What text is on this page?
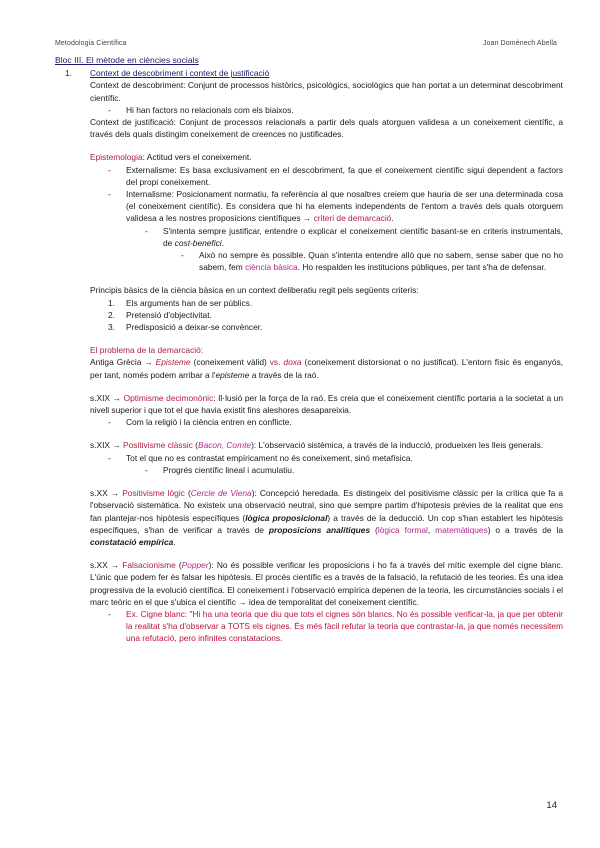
Metodologia Científica	Joan Domènech Abella

Bloc III. El mètode en ciències socials

1.	Context de descobriment i context de justificació

Context de descobriment: Conjunt de processos històrics, psicològics, sociològics que han portat a un determinat descobriment científic.

-	Hi han factors no relacionals com els biaixos.

Context de justificació: Conjunt de processos relacionals a partir dels quals atorguen validesa a un coneixement científic, a través dels quals distingim coneixement de creences no justificades.

Epistemologia: Actitud vers el coneixement.

-	Externalisme: Es basa exclusivament en el descobriment, fa que el coneixement científic sigui dependent a factors del propi coneixement.
-	Internalisme: Posicionament normatiu, fa referència al que nosaltres creiem que hauria de ser una determinada cosa (el coneixement científic). Es considera que hi ha elements independents de l'entorn a través dels quals otorguem validesa a les nostres proposicions científiques → criteri de demarcació.
-	S'intenta sempre justificar, entendre o explicar el coneixement científic basant-se en criteris instrumentals, de cost-benefici.
-	Això no sempre és possible. Quan s'intenta entendre allò que no sabem, sense saber que no ho sabem, fem ciència bàsica. Ho respalden les institucions públiques, per tant s'ha de defensar.

Principis bàsics de la ciència bàsica en un context deliberatiu regit pels següents criteris:

1.	Els arguments han de ser públics.
2.	Pretensió d'objectivitat.
3.	Predisposició a deixar-se convèncer.

El problema de la demarcació:

Antiga Grècia → Episteme (coneixement vàlid) vs. doxa (coneixement distorsionat o no justificat). L'entorn físic és enganyós, per tant, només podem arribar a l'episteme a través de la raó.

s.XIX → Optimisme decimonònic: Il·lusió per la força de la raó. Es creia que el coneixement científic portaria a la societat a un nivell superior i que tot el que havia existit fins aleshores desapareixia.

-	Com la religió i la ciència entren en conflicte.

s.XIX → Positivisme clàssic (Bacon, Comte): L'observació sistèmica, a través de la inducció, produeixen les lleis generals.

-	Tot el que no es contrastat empíricament no és coneixement, sinó metafísica.
-	Progrés científic lineal i acumulatiu.

s.XX → Positivisme lògic (Cercle de Viena): Concepció heredada. Es distingeix del positivisme clàssic per la crítica que fa a l'observació sistemàtica. No existeix una observació neutral, sino que sempre partim d'hipotesis prèvies de la realitat que ens fan plantejar-nos hipòtesis específiques (lògica proposicional) a través de la deducció. Un cop s'han establert les hipòtesis específiques, s'han de verificar a través de proposicions analítiques (lògica formal, matemàtiques) o a través de la constatació empírica.

s.XX → Falsacionisme (Popper): No és possible verificar les proposicions i ho fa a través del mític exemple del cigne blanc. L'únic que podem fer és falsar les hipòtesis. El procés científic es a través de la falsació, la refutació de les teories. És una idea progressiva de la evolució científica. El coneixement i l'observació empírica depenen de la teoria, les circumstàncies socials i el marc teòric en el que s'ubica el científic → idea de temporalitat del coneixement científic.

-	Ex. Cigne blanc: "Hi ha una teoria que diu que tots el cignes són blancs. No és possible verificar-la, ja que per obtenir la realitat s'ha d'observar a TOTS els cignes. És més fàcil refutar la teoria que contrastar-la, ja que només necessitem una refutació, pero infinites constatacions.
14
